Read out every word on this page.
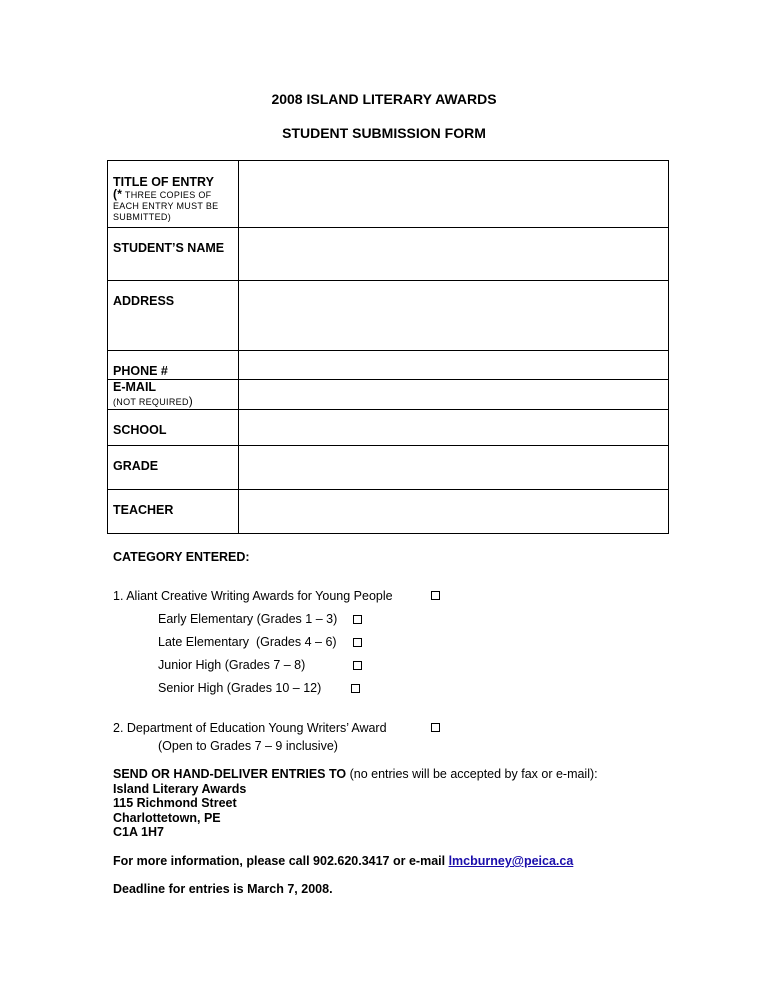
2008 ISLAND LITERARY AWARDS
STUDENT SUBMISSION FORM
TITLE OF ENTRY
(* THREE COPIES OF EACH ENTRY MUST BE SUBMITTED)

STUDENT’S NAME

ADDRESS

PHONE #

E-MAIL
(NOT REQUIRED)	

SCHOOL

GRADE

TEACHER

CATEGORY ENTERED:
1. Aliant Creative Writing Awards for Young People
Early Elementary (Grades 1 – 3)
Late Elementary  (Grades 4 – 6)
Junior High (Grades 7 – 8)
Senior High (Grades 10 – 12)
2. Department of Education Young Writers’ Award
(Open to Grades 7 – 9 inclusive)
SEND OR HAND-DELIVER ENTRIES TO (no entries will be accepted by fax or e-mail):
Island Literary Awards
115 Richmond Street
Charlottetown, PE
C1A 1H7
For more information, please call 902.620.3417 or e-mail lmcburney@peica.ca
Deadline for entries is March 7, 2008.
